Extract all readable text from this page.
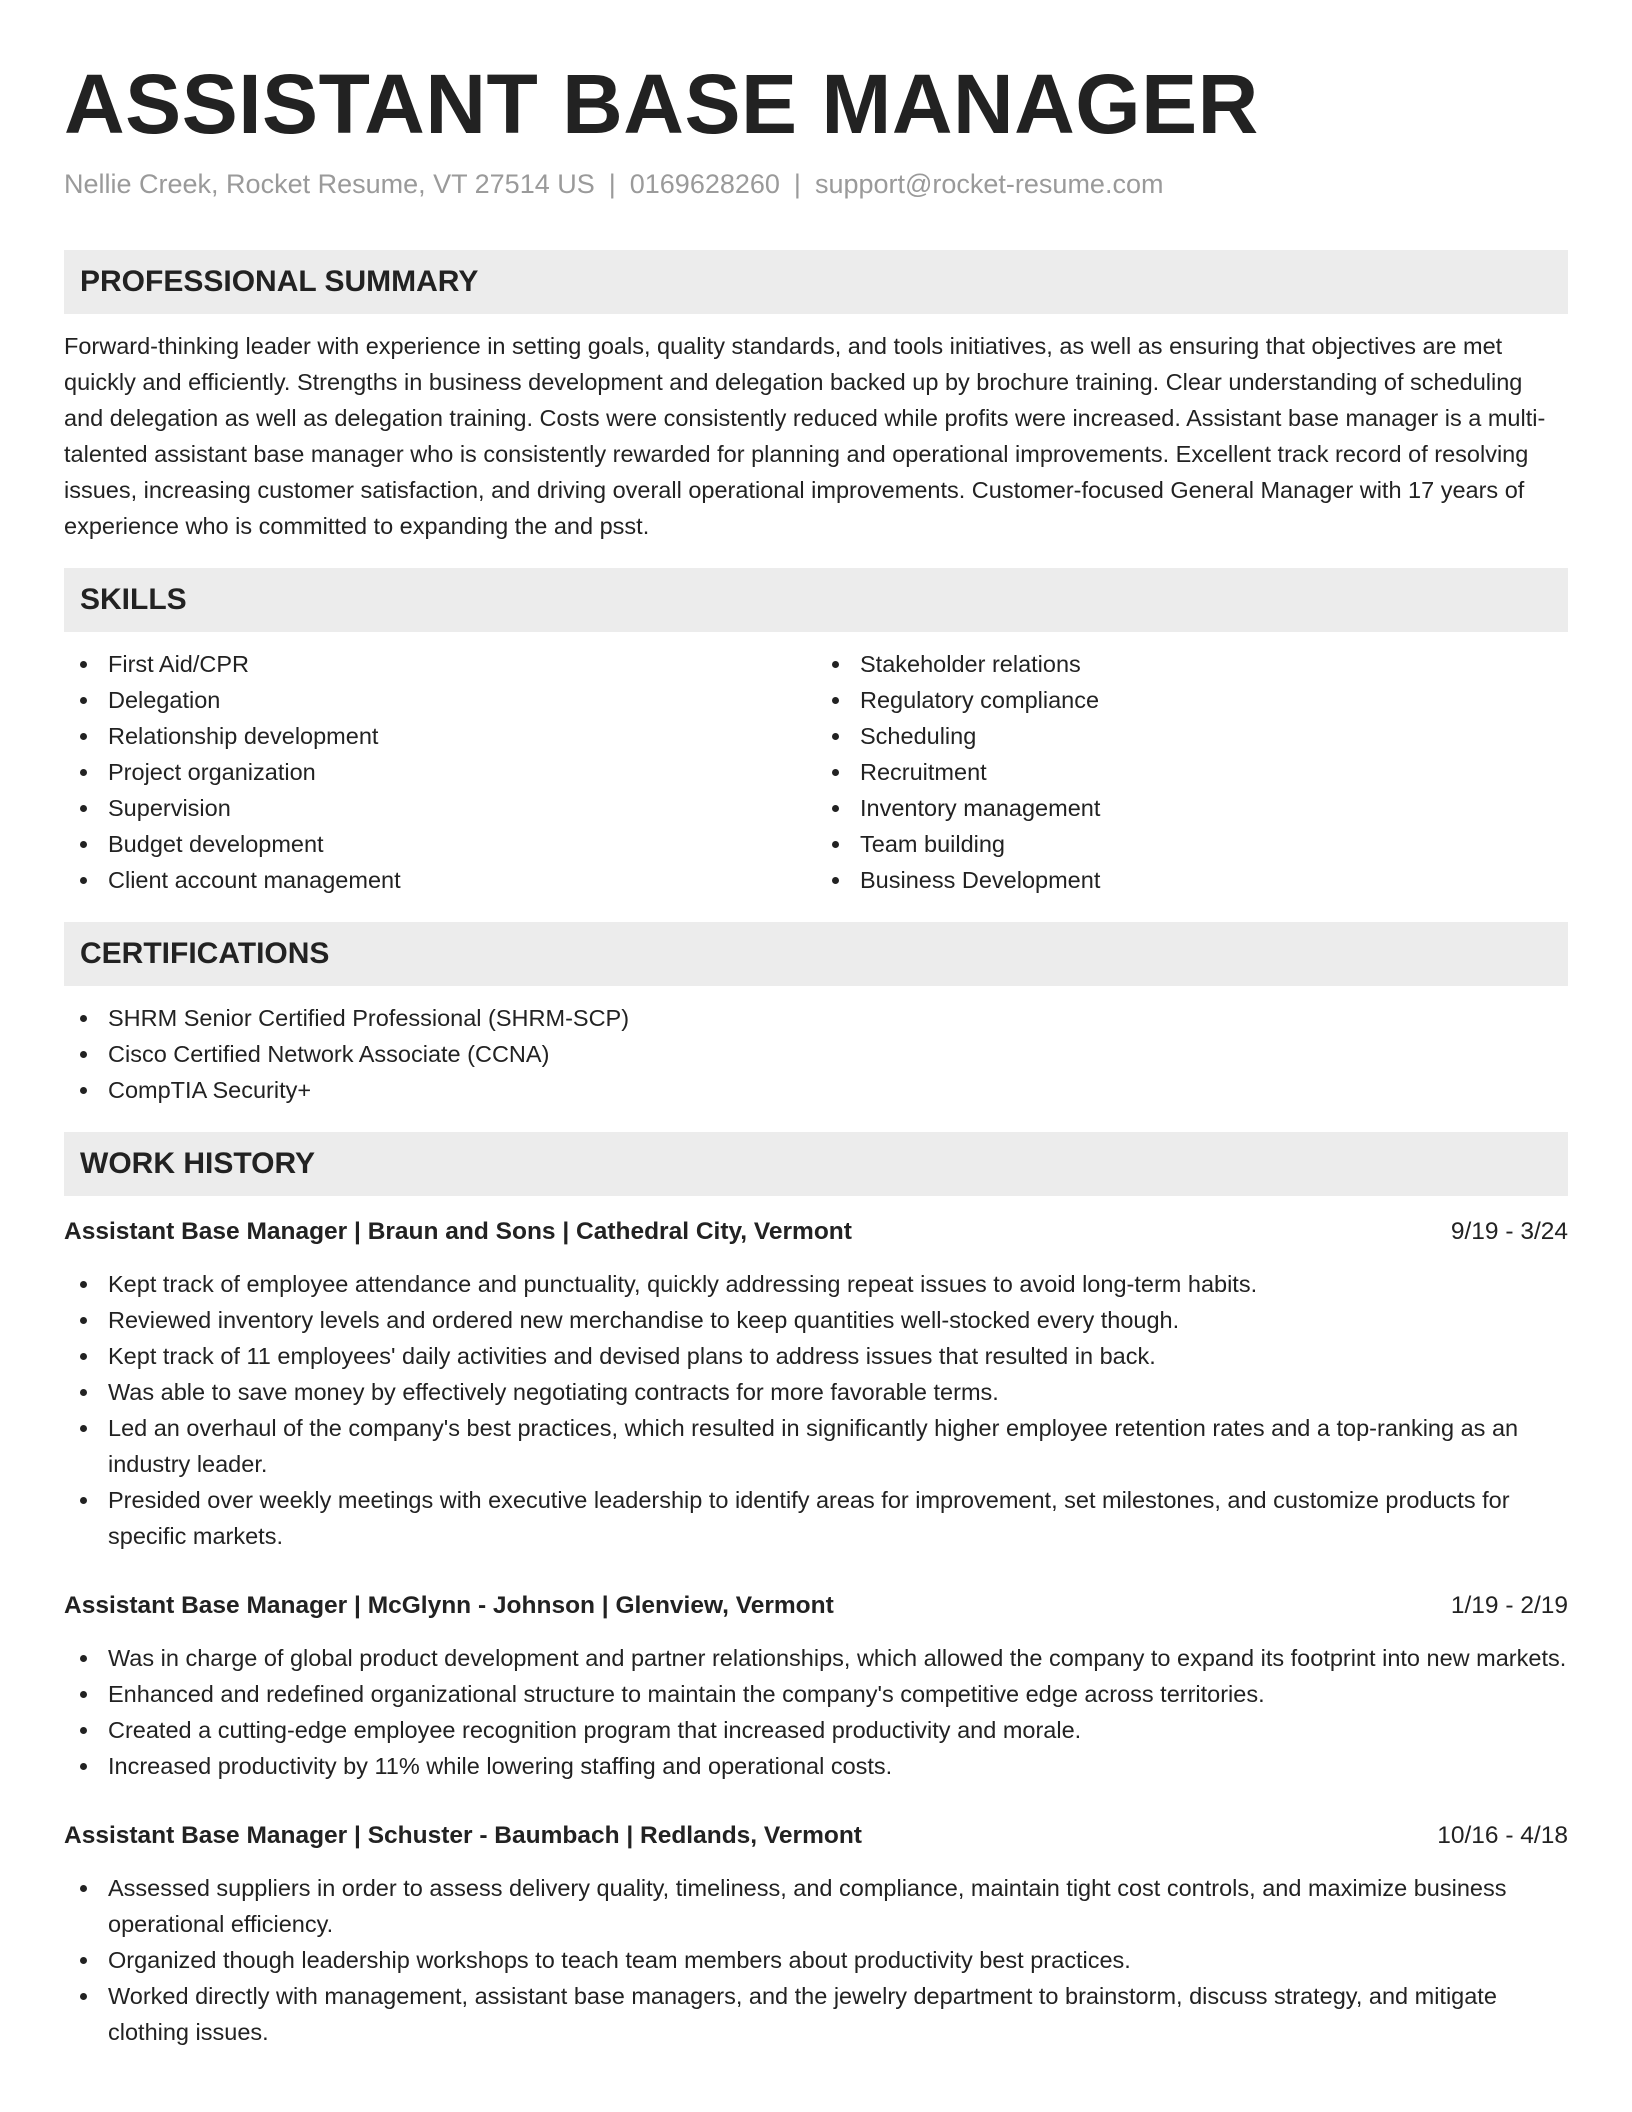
ASSISTANT BASE MANAGER
Nellie Creek, Rocket Resume, VT 27514 US | 0169628260 | support@rocket-resume.com
PROFESSIONAL SUMMARY

Forward-thinking leader with experience in setting goals, quality standards, and tools initiatives, as well as ensuring that objectives are met quickly and efficiently. Strengths in business development and delegation backed up by brochure training. Clear understanding of scheduling and delegation as well as delegation training. Costs were consistently reduced while profits were increased. Assistant base manager is a multi-talented assistant base manager who is consistently rewarded for planning and operational improvements. Excellent track record of resolving issues, increasing customer satisfaction, and driving overall operational improvements. Customer-focused General Manager with 17 years of experience who is committed to expanding the and psst.

SKILLS
First Aid/CPR
Delegation
Relationship development
Project organization
Supervision
Budget development
Client account management
Stakeholder relations
Regulatory compliance
Scheduling
Recruitment
Inventory management
Team building
Business Development
CERTIFICATIONS
SHRM Senior Certified Professional (SHRM-SCP)
Cisco Certified Network Associate (CCNA)
CompTIA Security+
WORK HISTORY
Assistant Base Manager | Braun and Sons | Cathedral City, Vermont	9/19 - 3/24
Kept track of employee attendance and punctuality, quickly addressing repeat issues to avoid long-term habits.
Reviewed inventory levels and ordered new merchandise to keep quantities well-stocked every though.
Kept track of 11 employees' daily activities and devised plans to address issues that resulted in back.
Was able to save money by effectively negotiating contracts for more favorable terms.
Led an overhaul of the company's best practices, which resulted in significantly higher employee retention rates and a top-ranking as an industry leader.
Presided over weekly meetings with executive leadership to identify areas for improvement, set milestones, and customize products for specific markets.
Assistant Base Manager | McGlynn - Johnson | Glenview, Vermont	1/19 - 2/19
Was in charge of global product development and partner relationships, which allowed the company to expand its footprint into new markets.
Enhanced and redefined organizational structure to maintain the company's competitive edge across territories.
Created a cutting-edge employee recognition program that increased productivity and morale.
Increased productivity by 11% while lowering staffing and operational costs.
Assistant Base Manager | Schuster - Baumbach | Redlands, Vermont	10/16 - 4/18
Assessed suppliers in order to assess delivery quality, timeliness, and compliance, maintain tight cost controls, and maximize business operational efficiency.
Organized though leadership workshops to teach team members about productivity best practices.
Worked directly with management, assistant base managers, and the jewelry department to brainstorm, discuss strategy, and mitigate clothing issues.
